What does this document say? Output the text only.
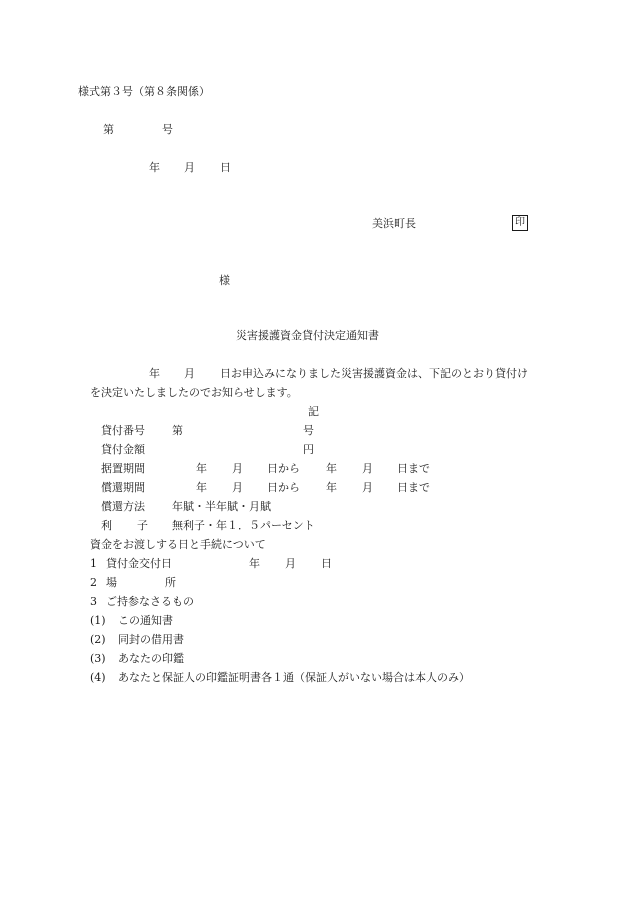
様式第３号（第８条関係）
第	号
年 月 日
美浜町長	印
様
災害援護資金貸付決定通知書
年 月 日お申込みになりました災害援護資金は、下記のとおり貸付け
を決定いたしましたのでお知らせします。
記
貸付番号 第	号
貸付金額	円
据置期間	年 月 日から 年 月 日まで
償還期間	年 月 日から 年 月 日まで
償還方法 年賦・半年賦・月賦
利 子 無利子・年１．５パーセント
資金をお渡しする日と手続について
1 貸付金交付日	年 月 日
2 場	所
3 ご持参なさるもの
(1) この通知書
(2) 同封の借用書
(3) あなたの印鑑
(4) あなたと保証人の印鑑証明書各１通（保証人がいない場合は本人のみ）
